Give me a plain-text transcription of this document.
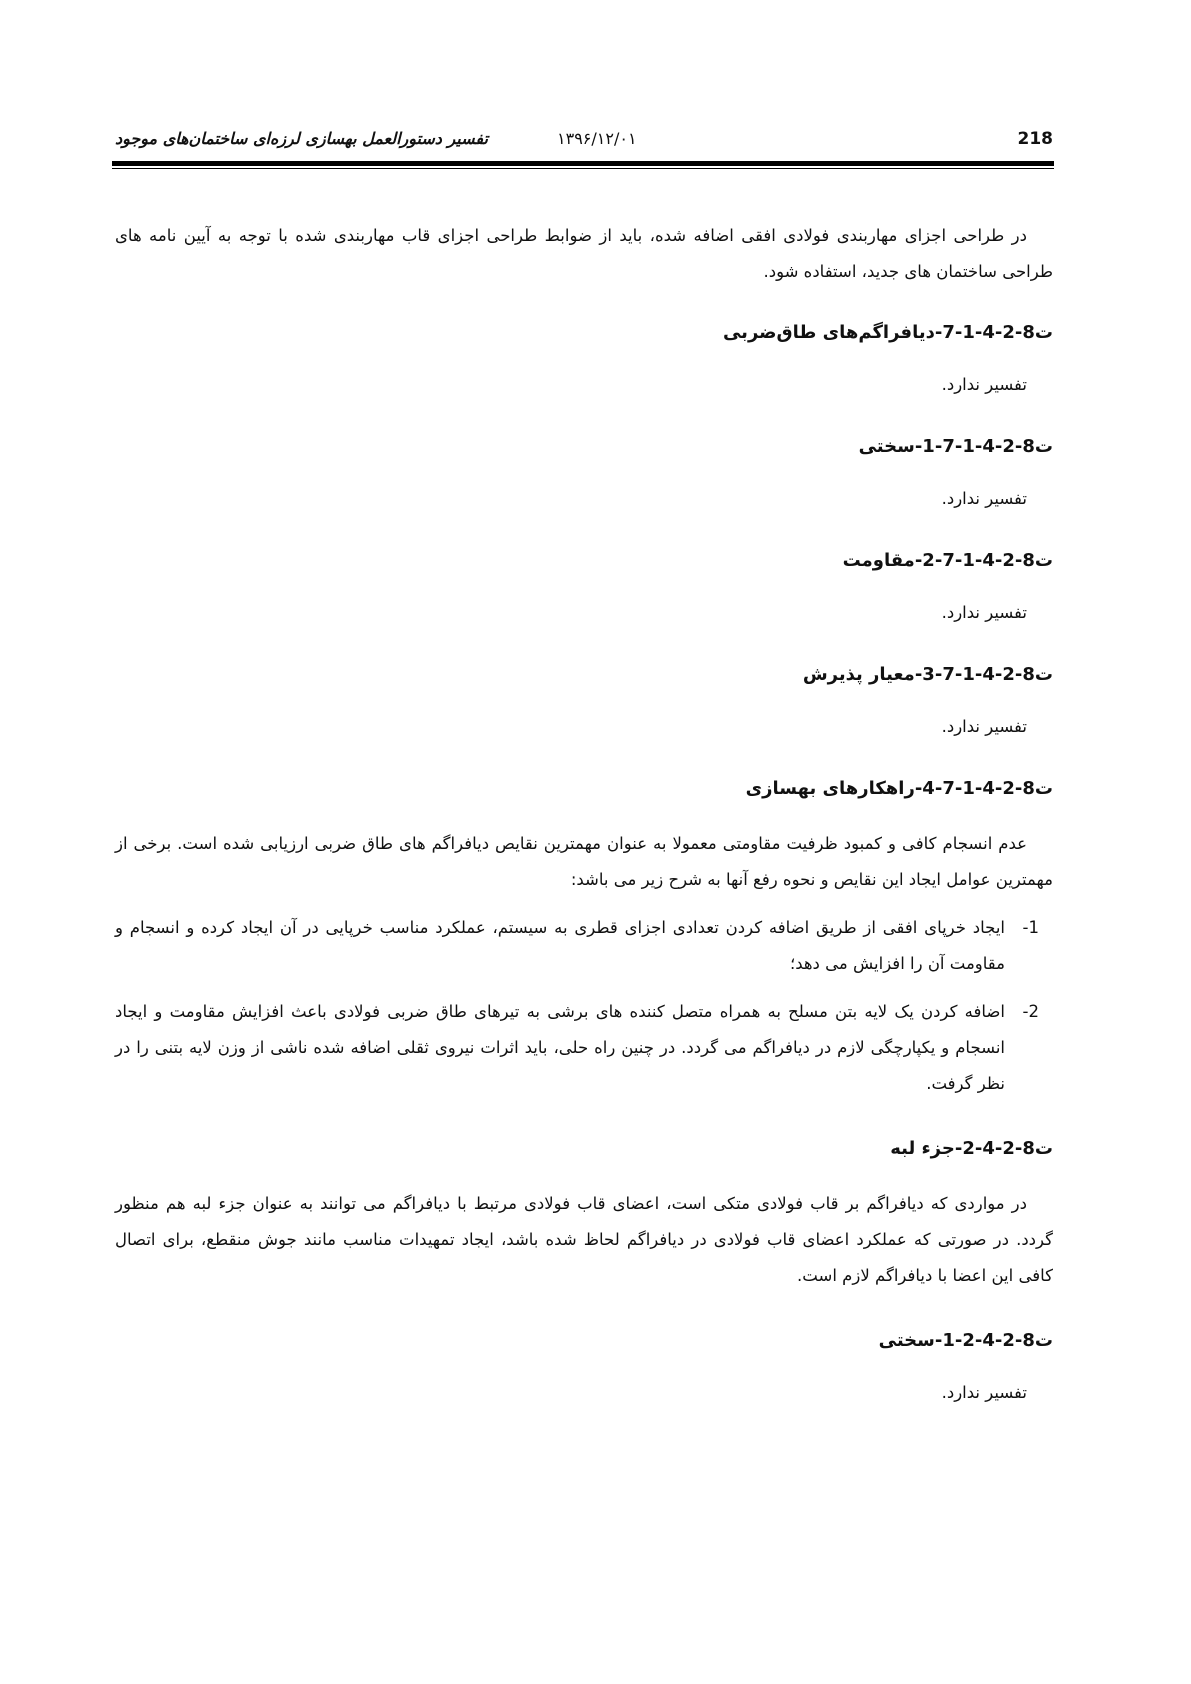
تفسیر دستورالعمل بهسازی لرزه‌ای ساختمان‌های موجود	۱۳۹۶/۱۲/۰۱	218

در طراحی اجزای مهاربندی فولادی افقی اضافه شده، باید از ضوابط طراحی اجزای قاب مهاربندی شده با توجه به آیین نامه های طراحی ساختمان های جدید، استفاده شود.

ت8-2-4-1-7-دیافراگم‌های طاق‌ضربی

تفسیر ندارد.

ت8-2-4-1-7-1-سختی

تفسیر ندارد.

ت8-2-4-1-7-2-مقاومت

تفسیر ندارد.

ت8-2-4-1-7-3-معیار پذیرش

تفسیر ندارد.

ت8-2-4-1-7-4-راهکارهای بهسازی

عدم انسجام کافی و کمبود ظرفیت مقاومتی معمولا به عنوان مهمترین نقایص دیافراگم های طاق ضربی ارزیابی شده است. برخی از مهمترین عوامل ایجاد این نقایص و نحوه رفع آنها به شرح زیر می باشد:

-1
ایجاد خرپای افقی از طریق اضافه کردن تعدادی اجزای قطری به سیستم، عملکرد مناسب خرپایی در آن ایجاد کرده و انسجام و مقاومت آن را افزایش می دهد؛
-2
اضافه کردن یک لایه بتن مسلح به همراه متصل کننده های برشی به تیرهای طاق ضربی فولادی باعث افزایش مقاومت و ایجاد انسجام و یکپارچگی لازم در دیافراگم می گردد. در چنین راه حلی، باید اثرات نیروی ثقلی اضافه شده ناشی از وزن لایه بتنی را در نظر گرفت.
ت8-2-4-2-جزء لبه

در مواردی که دیافراگم بر قاب فولادی متکی است، اعضای قاب فولادی مرتبط با دیافراگم می توانند به عنوان جزء لبه هم منظور گردد. در صورتی که عملکرد اعضای قاب فولادی در دیافراگم لحاظ شده باشد، ایجاد تمهیدات مناسب مانند جوش منقطع، برای اتصال کافی این اعضا با دیافراگم لازم است.

ت8-2-4-2-1-سختی

تفسیر ندارد.
